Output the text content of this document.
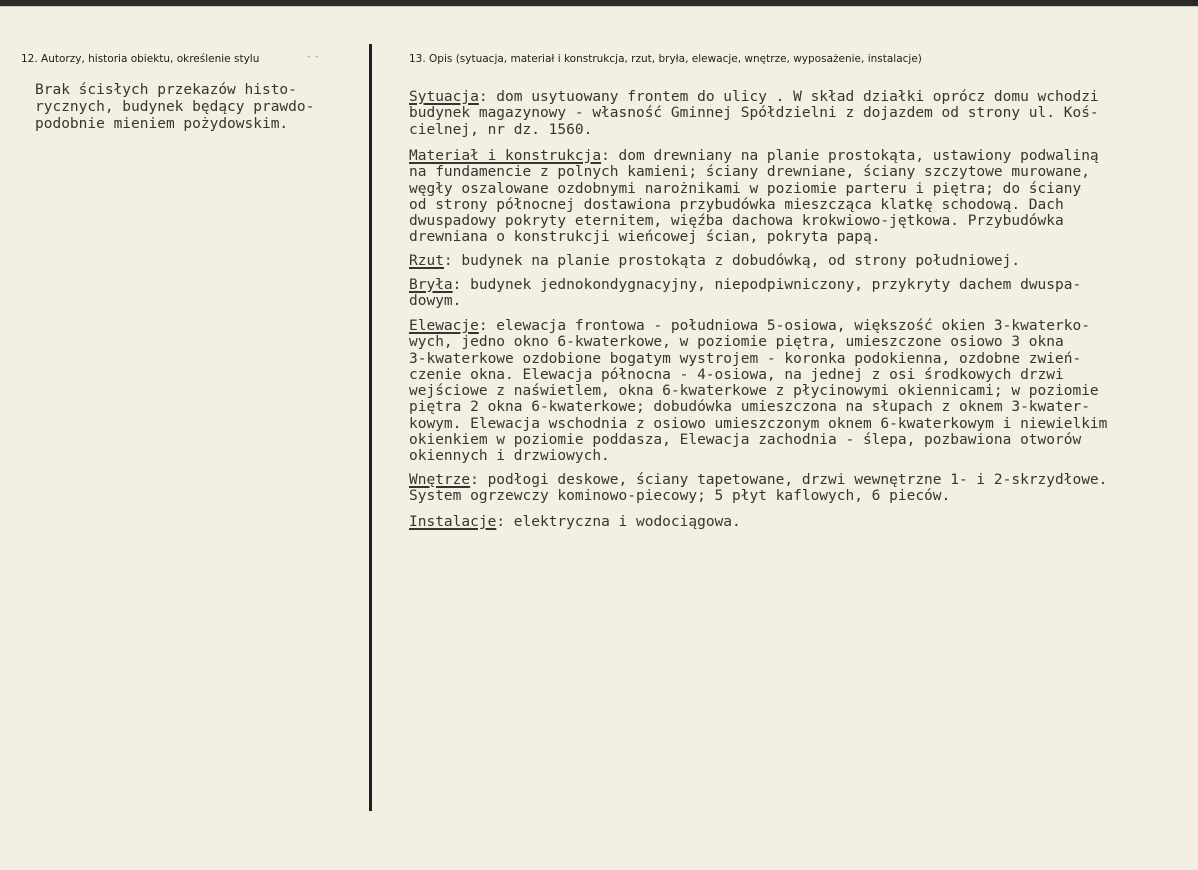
12. Autorzy, historia obiektu, określenie stylu	- -
Brak ścisłych przekazów histo-
rycznych, budynek będący prawdo-
podobnie mieniem pożydowskim.
13. Opis (sytuacja, materiał i konstrukcja, rzut, bryła, elewacje, wnętrze, wyposażenie, instalacje)
Sytuacja: dom usytuowany frontem do ulicy . W skład działki oprócz domu wchodzi
budynek magazynowy - własność Gminnej Spółdzielni z dojazdem od strony ul. Koś-
cielnej, nr dz. 1560.
Materiał i konstrukcja: dom drewniany na planie prostokąta, ustawiony podwaliną
na fundamencie z polnych kamieni; ściany drewniane, ściany szczytowe murowane,
węgły oszalowane ozdobnymi narożnikami w poziomie parteru i piętra; do ściany
od strony północnej dostawiona przybudówka mieszcząca klatkę schodową. Dach
dwuspadowy pokryty eternitem, więźba dachowa krokwiowo-jętkowa. Przybudówka
drewniana o konstrukcji wieńcowej ścian, pokryta papą.
Rzut: budynek na planie prostokąta z dobudówką, od strony południowej.
Bryła: budynek jednokondygnacyjny, niepodpiwniczony, przykryty dachem dwuspa-
dowym.
Elewacje: elewacja frontowa - południowa 5-osiowa, większość okien 3-kwaterko-
wych, jedno okno 6-kwaterkowe, w poziomie piętra, umieszczone osiowo 3 okna
3-kwaterkowe ozdobione bogatym wystrojem - koronka podokienna, ozdobne zwień-
czenie okna. Elewacja północna - 4-osiowa, na jednej z osi środkowych drzwi
wejściowe z naświetlem, okna 6-kwaterkowe z płycinowymi okiennicami; w poziomie
piętra 2 okna 6-kwaterkowe; dobudówka umieszczona na słupach z oknem 3-kwater-
kowym. Elewacja wschodnia z osiowo umieszczonym oknem 6-kwaterkowym i niewielkim
okienkiem w poziomie poddasza, Elewacja zachodnia - ślepa, pozbawiona otworów
okiennych i drzwiowych.
Wnętrze: podłogi deskowe, ściany tapetowane, drzwi wewnętrzne 1- i 2-skrzydłowe.
System ogrzewczy kominowo-piecowy; 5 płyt kaflowych, 6 pieców.
Instalacje: elektryczna i wodociągowa.
